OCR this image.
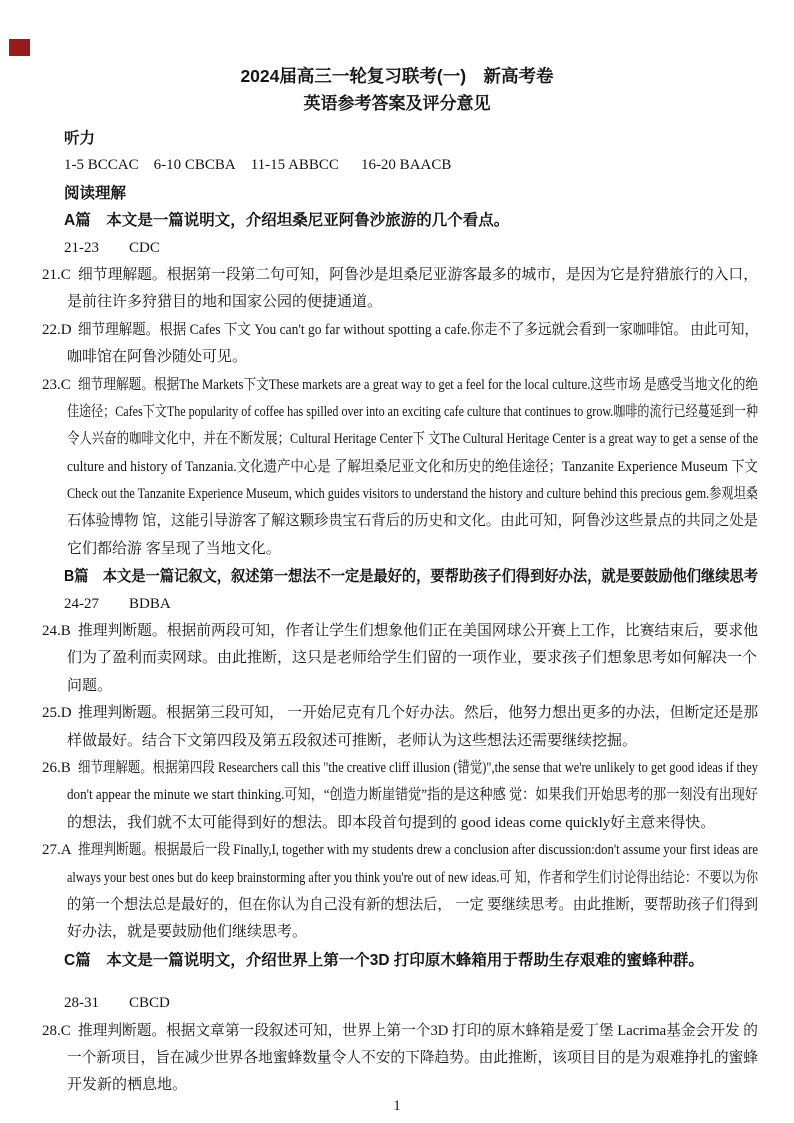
2024届高三一轮复习联考(一)　新高考卷
英语参考答案及评分意见
听力
1-5 BCCAC 6-10 CBCBA 11-15 ABBCC 16-20 BAACB
阅读理解
A篇　本文是一篇说明文，介绍坦桑尼亚阿鲁沙旅游的几个看点。
21-23 CDC
21.C 细节理解题。根据第一段第二句可知，阿鲁沙是坦桑尼亚游客最多的城市，是因为它是狩猎旅行的入口，
是前往许多狩猎目的地和国家公园的便捷通道。
22.D 细节理解题。根据 Cafes 下文 You can't go far without spotting a cafe.你走不了多远就会看到一家咖啡馆。 由此可知，
咖啡馆在阿鲁沙随处可见。
23.C 细节理解题。根据The Markets下文These markets are a great way to get a feel for the local culture.这些市场 是感受当地文化的绝
佳途径；Cafes下文The popularity of coffee has spilled over into an exciting cafe culture that continues to grow.咖啡的流行已经蔓延到一种
令人兴奋的咖啡文化中，并在不断发展；Cultural Heritage Center下 文The Cultural Heritage Center is a great way to get a sense of the
culture and history of Tanzania.文化遗产中心是 了解坦桑尼亚文化和历史的绝佳途径；Tanzanite Experience Museum 下文
Check out the Tanzanite Experience Museum, which guides visitors to understand the history and culture behind this precious gem.参观坦桑
石体验博物 馆，这能引导游客了解这颗珍贵宝石背后的历史和文化。由此可知，阿鲁沙这些景点的共同之处是
它们都给游 客呈现了当地文化。
B篇　本文是一篇记叙文，叙述第一想法不一定是最好的，要帮助孩子们得到好办法，就是要鼓励他们继续思考
24-27 BDBA
24.B 推理判断题。根据前两段可知，作者让学生们想象他们正在美国网球公开赛上工作，比赛结束后，要求他
们为了盈利而卖网球。由此推断，这只是老师给学生们留的一项作业，要求孩子们想象思考如何解决一个
问题。
25.D 推理判断题。根据第三段可知， 一开始尼克有几个好办法。然后，他努力想出更多的办法，但断定还是那
样做最好。结合下文第四段及第五段叙述可推断，老师认为这些想法还需要继续挖掘。
26.B 细节理解题。根据第四段 Researchers call this "the creative cliff illusion (错觉)",the sense that we're unlikely to get good ideas if they
don't appear the minute we start thinking.可知，“创造力断崖错觉”指的是这种感 觉：如果我们开始思考的那一刻没有出现好
的想法，我们就不太可能得到好的想法。即本段首句提到的 good ideas come quickly好主意来得快。
27.A 推理判断题。根据最后一段 Finally,I, together with my students drew a conclusion after discussion:don't assume your first ideas are
always your best ones but do keep brainstorming after you think you're out of new ideas.可 知，作者和学生们讨论得出结论：不要以为你
的第一个想法总是最好的，但在你认为自己没有新的想法后， 一定 要继续思考。由此推断，要帮助孩子们得到
好办法，就是要鼓励他们继续思考。
C篇　本文是一篇说明文，介绍世界上第一个3D 打印原木蜂箱用于帮助生存艰难的蜜蜂种群。
28-31 CBCD
28.C 推理判断题。根据文章第一段叙述可知，世界上第一个3D 打印的原木蜂箱是爱丁堡 Lacrima基金会开发 的
一个新项目，旨在减少世界各地蜜蜂数量令人不安的下降趋势。由此推断，该项目目的是为艰难挣扎的蜜蜂
开发新的栖息地。
1
